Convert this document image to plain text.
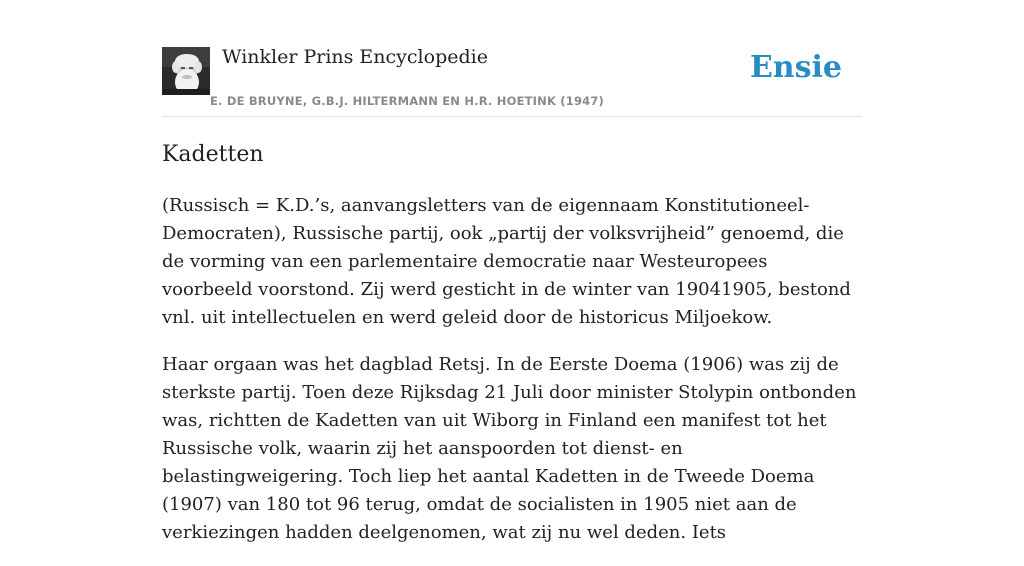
Winkler Prins Encyclopedie
E. DE BRUYNE, G.B.J. HILTERMANN EN H.R. HOETINK (1947)
Ensie
Kadetten

(Russisch = K.D.’s, aanvangsletters van de eigennaam Konstitutioneel-Democraten), Russische partij, ook „partij der volksvrijheid” genoemd, die de vorming van een parlementaire democratie naar Westeuropees voorbeeld voorstond. Zij werd gesticht in de winter van 19041905, bestond vnl. uit intellectuelen en werd geleid door de historicus Miljoekow.

Haar orgaan was het dagblad Retsj. In de Eerste Doema (1906) was zij de sterkste partij. Toen deze Rijksdag 21 Juli door minister Stolypin ontbonden was, richtten de Kadetten van uit Wiborg in Finland een manifest tot het Russische volk, waarin zij het aanspoorden tot dienst- en belastingweigering. Toch liep het aantal Kadetten in de Tweede Doema (1907) van 180 tot 96 terug, omdat de socialisten in 1905 niet aan de verkiezingen hadden deelgenomen, wat zij nu wel deden. Iets
